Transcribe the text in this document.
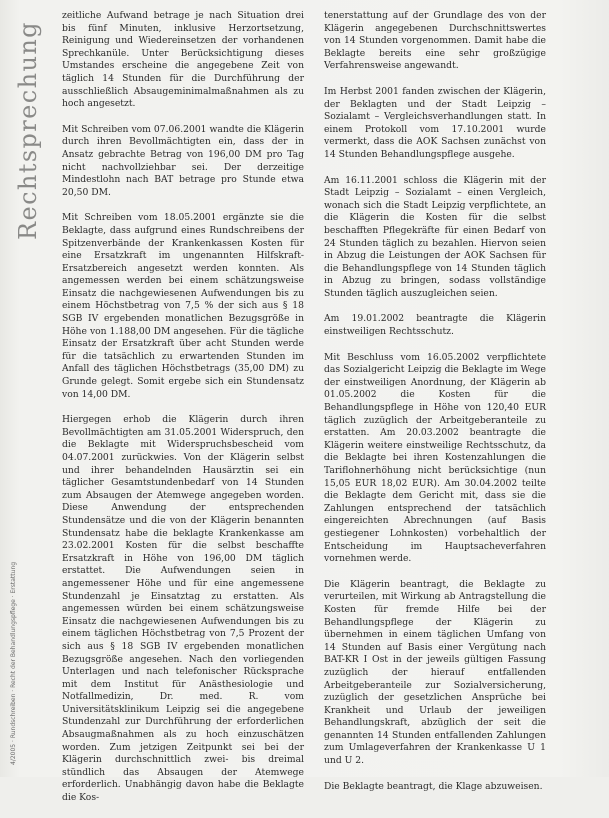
Rechtsprechung
4/2005 · Rundschreiben · Recht der Behandlungspflege · Erstattung

zeitliche Aufwand betrage je nach Situation drei bis fünf Minuten, inklusive Herzortsetzung, Reinigung und Wiedereinsetzen der vorhandenen Sprechkanüle. Unter Berücksichtigung dieses Umstandes erscheine die angegebene Zeit von täglich 14 Stunden für die Durchführung der ausschließlich Absaugeminimalmaßnahmen als zu hoch angesetzt.

Mit Schreiben vom 07.06.2001 wandte die Klägerin durch ihren Bevollmächtigten ein, dass der in Ansatz gebrachte Betrag von 196,00 DM pro Tag nicht nachvollziehbar sei. Der derzeitige Mindestlohn nach BAT betrage pro Stunde etwa 20,50 DM.

Mit Schreiben vom 18.05.2001 ergänzte sie die Beklagte, dass aufgrund eines Rundschreibens der Spitzenverbände der Krankenkassen Kosten für eine Ersatzkraft im ungenannten Hilfskraft-Ersatzbereich angesetzt werden konnten. Als angemessen werden bei einem schätzungsweise Einsatz die nachgewiesenen Aufwendungen bis zu einem Höchstbetrag von 7,5 % der sich aus § 18 SGB IV ergebenden monatlichen Bezugsgröße in Höhe von 1.188,00 DM angesehen. Für die tägliche Einsatz der Ersatzkraft über acht Stunden werde für die tatsächlich zu erwartenden Stunden im Anfall des täglichen Höchstbetrags (35,00 DM) zu Grunde gelegt. Somit ergebe sich ein Stundensatz von 14,00 DM.

Hiergegen erhob die Klägerin durch ihren Bevollmächtigten am 31.05.2001 Widerspruch, den die Beklagte mit Widerspruchsbescheid vom 04.07.2001 zurückwies. Von der Klägerin selbst und ihrer behandelnden Hausärztin sei ein täglicher Gesamtstundenbedarf von 14 Stunden zum Absaugen der Atemwege angegeben worden. Diese Anwendung der entsprechenden Stundensätze und die von der Klägerin benannten Stundensatz habe die beklagte Krankenkasse am 23.02.2001 Kosten für die selbst beschaffte Ersatzkraft in Höhe von 196,00 DM täglich erstattet. Die Aufwendungen seien in angemessener Höhe und für eine angemessene Stundenzahl je Einsatztag zu erstatten. Als angemessen würden bei einem schätzungsweise Einsatz die nachgewiesenen Aufwendungen bis zu einem täglichen Höchstbetrag von 7,5 Prozent der sich aus § 18 SGB IV ergebenden monatlichen Bezugsgröße angesehen. Nach den vorliegenden Unterlagen und nach telefonischer Rücksprache mit dem Institut für Anästhesiologie und Notfallmedizin, Dr. med. R. vom Universitätsklinikum Leipzig sei die angegebene Stundenzahl zur Durchführung der erforderlichen Absaugmaßnahmen als zu hoch einzuschätzen worden. Zum jetzigen Zeitpunkt sei bei der Klägerin durchschnittlich zwei- bis dreimal stündlich das Absaugen der Atemwege erforderlich. Unabhängig davon habe die Beklagte die Kos-

tenerstattung auf der Grundlage des von der Klägerin angegebenen Durchschnittswertes von 14 Stunden vorgenommen. Damit habe die Beklagte bereits eine sehr großzügige Verfahrensweise angewandt.

Im Herbst 2001 fanden zwischen der Klägerin, der Beklagten und der Stadt Leipzig – Sozialamt – Vergleichsverhandlungen statt. In einem Protokoll vom 17.10.2001 wurde vermerkt, dass die AOK Sachsen zunächst von 14 Stunden Behandlungspflege ausgehe.

Am 16.11.2001 schloss die Klägerin mit der Stadt Leipzig – Sozialamt – einen Vergleich, wonach sich die Stadt Leipzig verpflichtete, an die Klägerin die Kosten für die selbst beschafften Pflegekräfte für einen Bedarf von 24 Stunden täglich zu bezahlen. Hiervon seien in Abzug die Leistungen der AOK Sachsen für die Behandlungspflege von 14 Stunden täglich in Abzug zu bringen, sodass vollständige Stunden täglich auszugleichen seien.

Am 19.01.2002 beantragte die Klägerin einstweiligen Rechtsschutz.

Mit Beschluss vom 16.05.2002 verpflichtete das Sozialgericht Leipzig die Beklagte im Wege der einstweiligen Anordnung, der Klägerin ab 01.05.2002 die Kosten für die Behandlungspflege in Höhe von 120,40 EUR täglich zuzüglich der Arbeitgeberanteile zu erstatten. Am 20.03.2002 beantragte die Klägerin weitere einstweilige Rechtsschutz, da die Beklagte bei ihren Kostenzahlungen die Tariflohnerhöhung nicht berücksichtige (nun 15,05 EUR 18,02 EUR). Am 30.04.2002 teilte die Beklagte dem Gericht mit, dass sie die Zahlungen entsprechend der tatsächlich eingereichten Abrechnungen (auf Basis gestiegener Lohnkosten) vorbehaltlich der Entscheidung im Hauptsacheverfahren vornehmen werde.

Die Klägerin beantragt, die Beklagte zu verurteilen, mit Wirkung ab Antragstellung die Kosten für fremde Hilfe bei der Behandlungspflege der Klägerin zu übernehmen in einem täglichen Umfang von 14 Stunden auf Basis einer Vergütung nach BAT-KR I Ost in der jeweils gültigen Fassung zuzüglich der hierauf entfallenden Arbeitgeberanteile zur Sozialversicherung, zuzüglich der gesetzlichen Ansprüche bei Krankheit und Urlaub der jeweiligen Behandlungskraft, abzüglich der seit die genannten 14 Stunden entfallenden Zahlungen zum Umlageverfahren der Krankenkasse U 1 und U 2.

Die Beklagte beantragt, die Klage abzuweisen.
